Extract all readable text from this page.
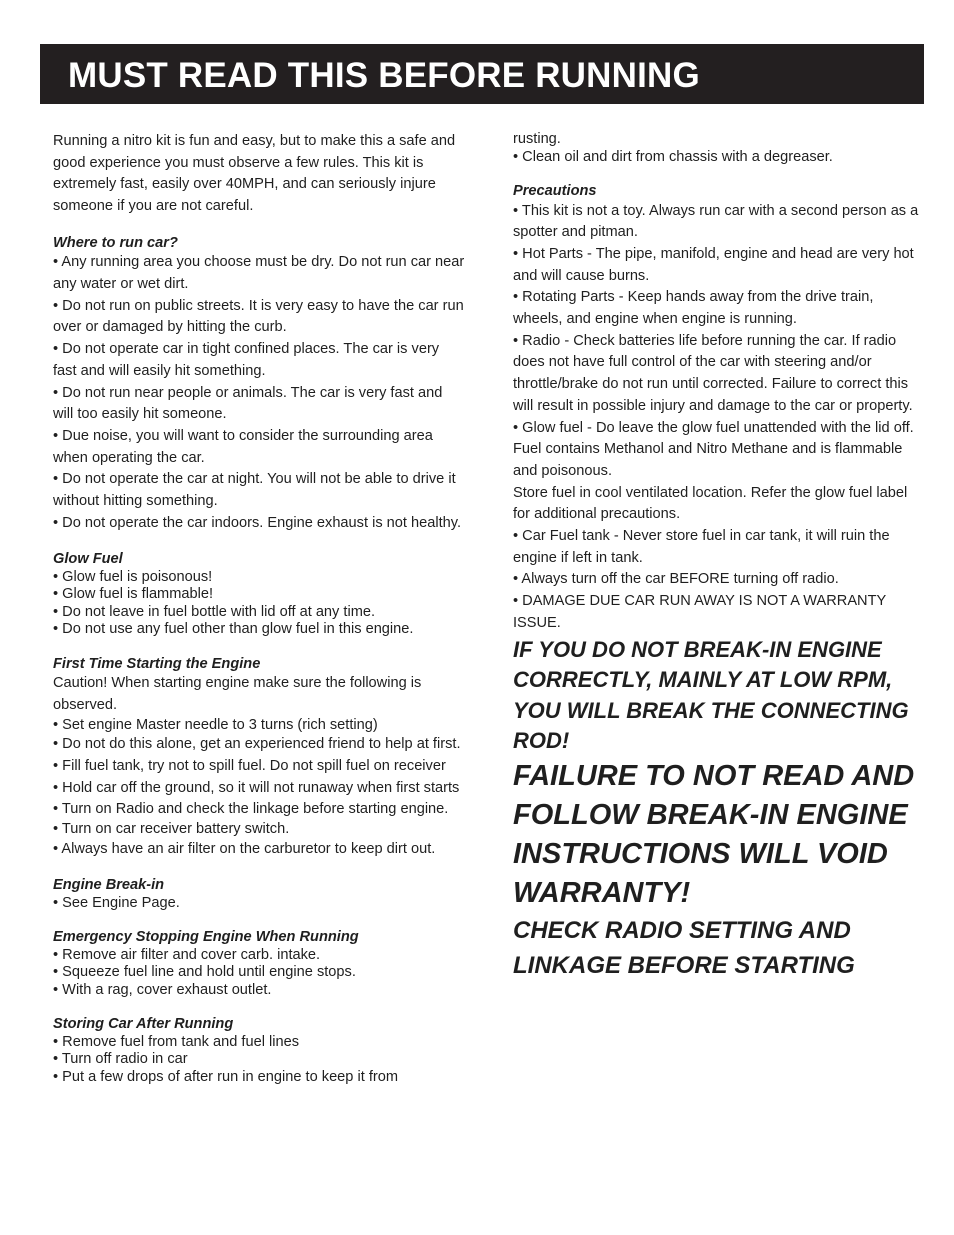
MUST READ THIS BEFORE RUNNING

Running a nitro kit is fun and easy, but to make this a safe and good experience you must observe a few rules. This kit is extremely fast, easily over 40MPH, and can seriously injure someone if you are not careful.

Where to run car?

• Any running area you choose must be dry. Do not run car near any water or wet dirt.

• Do not run on public streets. It is very easy to have the car run over or damaged by hitting the curb.

• Do not operate car in tight confined places. The car is very fast and will easily hit something.

• Do not run near people or animals. The car is very fast and will too easily hit someone.

• Due noise, you will want to consider the surrounding area when operating the car.

• Do not operate the car at night. You will not be able to drive it without hitting something.

• Do not operate the car indoors. Engine exhaust is not healthy.

Glow Fuel

• Glow fuel is poisonous!

• Glow fuel is flammable!

• Do not leave in fuel bottle with lid off at any time.

• Do not use any fuel other than glow fuel in this engine.

First Time Starting the Engine

Caution! When starting engine make sure the following is observed.

• Set engine Master needle to 3 turns (rich setting)

• Do not do this alone, get an experienced friend to help at first.

• Fill fuel tank, try not to spill fuel. Do not spill fuel on receiver

• Hold car off the ground, so it will not runaway when first starts

• Turn on Radio and check the linkage before starting engine.

• Turn on car receiver battery switch.

• Always have an air filter on the carburetor to keep dirt out.

Engine Break-in

• See Engine Page.

Emergency Stopping Engine When Running

• Remove air filter and cover carb. intake.

• Squeeze fuel line and hold until engine stops.

• With a rag, cover exhaust outlet.

Storing Car After Running

• Remove fuel from tank and fuel lines

• Turn off radio in car

• Put a few drops of after run in engine to keep it from

rusting.

• Clean oil and dirt from chassis with a degreaser.

Precautions

• This kit is not a toy. Always run car with a second person as a spotter and pitman.

• Hot Parts - The pipe, manifold, engine and head are very hot and will cause burns.

• Rotating Parts - Keep hands away from the drive train, wheels, and engine when engine is running.

• Radio - Check batteries life before running the car. If radio does not have full control of the car with steering and/or throttle/brake do not run until corrected. Failure to correct this will result in possible injury and damage to the car or property.

• Glow fuel - Do leave the glow fuel unattended with the lid off. Fuel contains Methanol and Nitro Methane and is flammable and poisonous.

Store fuel in cool ventilated location. Refer the glow fuel label for additional precautions.

• Car Fuel tank - Never store fuel in car tank, it will ruin the engine if left in tank.

• Always turn off the car BEFORE turning off radio.

• DAMAGE DUE CAR RUN AWAY IS NOT A WARRANTY ISSUE.

IF YOU DO NOT BREAK-IN ENGINE CORRECTLY, MAINLY AT LOW RPM, YOU WILL BREAK THE CONNECTING ROD!

FAILURE TO NOT READ AND FOLLOW BREAK-IN ENGINE INSTRUCTIONS WILL VOID WARRANTY!

CHECK RADIO SETTING AND LINKAGE BEFORE STARTING
